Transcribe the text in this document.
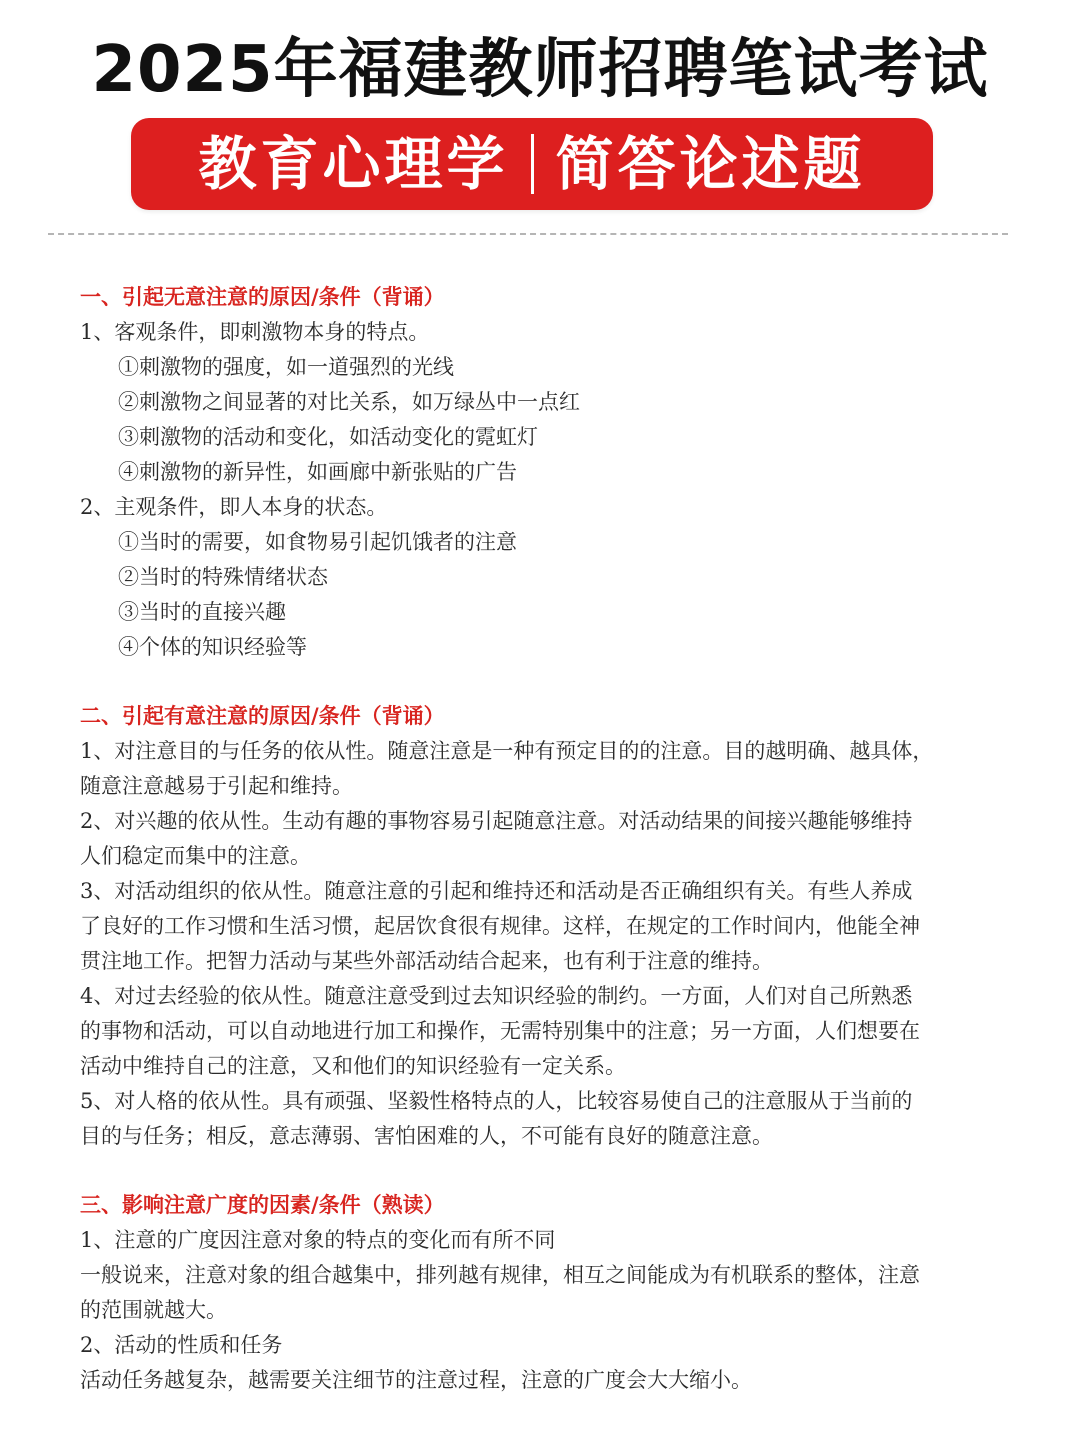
2025年福建教师招聘笔试考试
教育心理学 简答论述题
一、引起无意注意的原因/条件（背诵）
1、客观条件，即刺激物本身的特点。
①刺激物的强度，如一道强烈的光线
②刺激物之间显著的对比关系，如万绿丛中一点红
③刺激物的活动和变化，如活动变化的霓虹灯
④刺激物的新异性，如画廊中新张贴的广告
2、主观条件，即人本身的状态。
①当时的需要，如食物易引起饥饿者的注意
②当时的特殊情绪状态
③当时的直接兴趣
④个体的知识经验等
二、引起有意注意的原因/条件（背诵）
1、对注意目的与任务的依从性。随意注意是一种有预定目的的注意。目的越明确、越具体，
随意注意越易于引起和维持。
2、对兴趣的依从性。生动有趣的事物容易引起随意注意。对活动结果的间接兴趣能够维持
人们稳定而集中的注意。
3、对活动组织的依从性。随意注意的引起和维持还和活动是否正确组织有关。有些人养成
了良好的工作习惯和生活习惯，起居饮食很有规律。这样，在规定的工作时间内，他能全神
贯注地工作。把智力活动与某些外部活动结合起来，也有利于注意的维持。
4、对过去经验的依从性。随意注意受到过去知识经验的制约。一方面，人们对自己所熟悉
的事物和活动，可以自动地进行加工和操作，无需特别集中的注意；另一方面，人们想要在
活动中维持自己的注意，又和他们的知识经验有一定关系。
5、对人格的依从性。具有顽强、坚毅性格特点的人，比较容易使自己的注意服从于当前的
目的与任务；相反，意志薄弱、害怕困难的人，不可能有良好的随意注意。
三、影响注意广度的因素/条件（熟读）
1、注意的广度因注意对象的特点的变化而有所不同
一般说来，注意对象的组合越集中，排列越有规律，相互之间能成为有机联系的整体，注意
的范围就越大。
2、活动的性质和任务
活动任务越复杂，越需要关注细节的注意过程，注意的广度会大大缩小。
